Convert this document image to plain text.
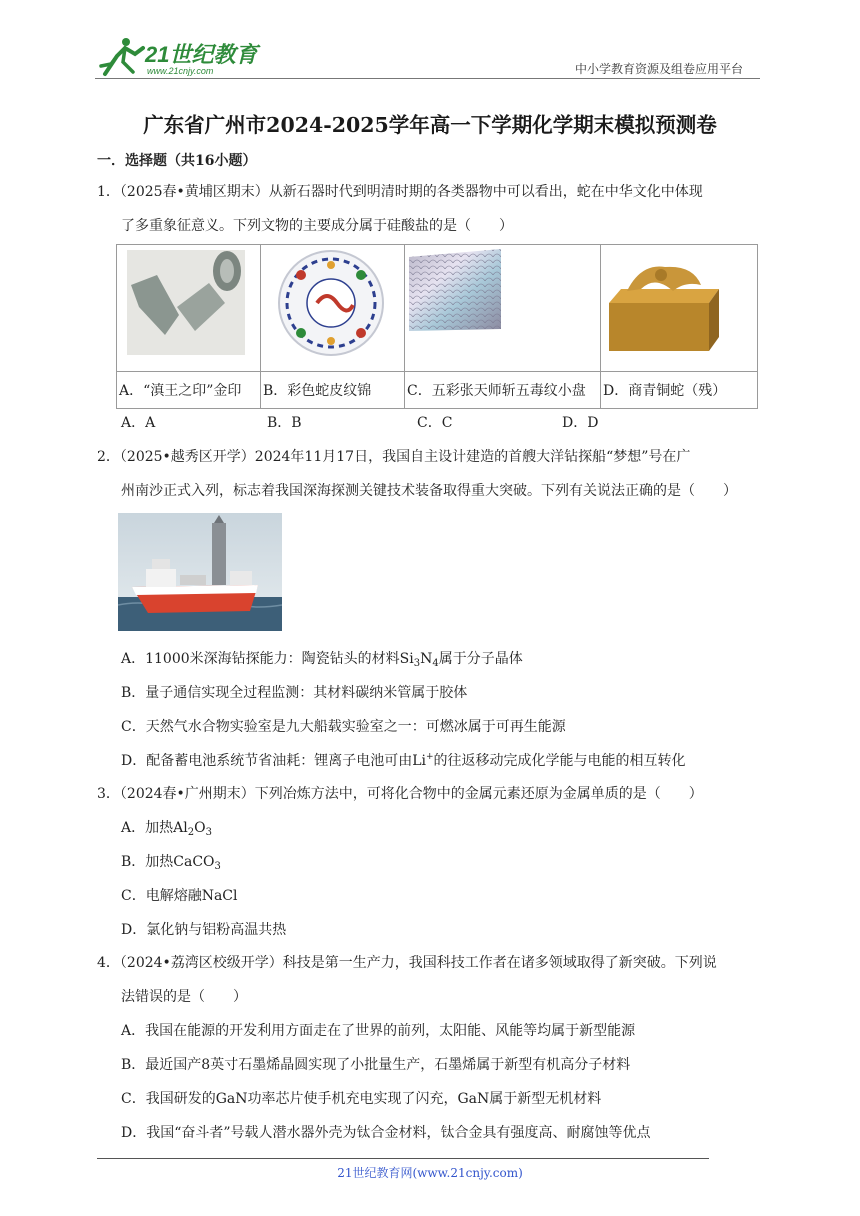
21世纪教育
www.21cnjy.com	中小学教育资源及组卷应用平台
广东省广州市2024-2025学年高一下学期化学期末模拟预测卷
一．选择题（共16小题）
1．（2025春•黄埔区期末）从新石器时代到明清时期的各类器物中可以看出，蛇在中华文化中体现
了多重象征意义。下列文物的主要成分属于硅酸盐的是（　　）

A．“滇王之印”金印	B．彩色蛇皮纹锦	C．五彩张天师斩五毒纹小盘	D．商青铜蛇（残）
A．A	B．B	C．C	D．D
2．（2025•越秀区开学）2024年11月17日，我国自主设计建造的首艘大洋钻探船“梦想”号在广
州南沙正式入列，标志着我国深海探测关键技术装备取得重大突破。下列有关说法正确的是（　　）
A．11000米深海钻探能力：陶瓷钻头的材料$Si_3N_4$属于分子晶体
B．量子通信实现全过程监测：其材料碳纳米管属于胶体
C．天然气水合物实验室是九大船载实验室之一：可燃冰属于可再生能源
D．配备蓄电池系统节省油耗：锂离子电池可由Li+的往返移动完成化学能与电能的相互转化
3．（2024春•广州期末）下列冶炼方法中，可将化合物中的金属元素还原为金属单质的是（　　）
A．加热$Al_2O_3$
B．加热CaCO$_3$
C．电解熔融NaCl
D．氯化钠与铝粉高温共热
4．（2024•荔湾区校级开学）科技是第一生产力，我国科技工作者在诸多领域取得了新突破。下列说
法错误的是（　　）
A．我国在能源的开发利用方面走在了世界的前列，太阳能、风能等均属于新型能源
B．最近国产8英寸石墨烯晶圆实现了小批量生产，石墨烯属于新型有机高分子材料
C．我国研发的GaN功率芯片使手机充电实现了闪充，GaN属于新型无机材料
D．我国“奋斗者”号载人潜水器外壳为钛合金材料，钛合金具有强度高、耐腐蚀等优点
21世纪教育网(www.21cnjy.com)
